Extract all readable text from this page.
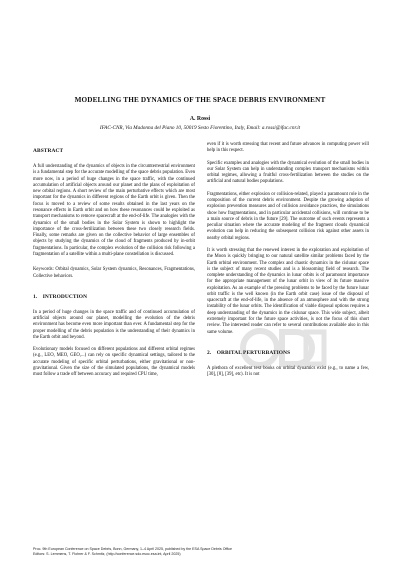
MODELLING THE DYNAMICS OF THE SPACE DEBRIS ENVIRONMENT
A. Rossi
IFAC-CNR, Via Madonna del Piano 10, 50019 Sesto Fiorentino, Italy, Email: a.rossi@ifac.cnr.it
ABSTRACT

A full understanding of the dynamics of objects in the circumterrestrial environment is a fundamental step for the accurate modelling of the space debris population. Even more now, in a period of huge changes in the space traffic, with the continued accumulation of artificial objects around our planet and the plans of exploitation of new orbital regions. A short review of the main perturbative effects which are most important for the dynamics in different regions of the Earth orbit is given. Then the focus is moved to a review of some results obtained in the last years on the resonance effects in Earth orbit and on how these resonances could be exploited as transport mechanisms to remove spacecraft at the end-of-life. The analogies with the dynamics of the small bodies in the Solar System is shown to highlight the importance of the cross-fertilization between these two closely research fields. Finally, some remarks are given on the collective behavior of large ensembles of objects by studying the dynamics of the cloud of fragments produced by in-orbit fragmentations. In particular, the complex evolution of the collision risk following a fragmentation of a satellite within a multi-plane constellation is discussed.

Keywords: Orbital dynamics, Solar System dynamics, Resonances, Fragmentations, Collective behaviors.

1. INTRODUCTION

In a period of huge changes in the space traffic and of continued accumulation of artificial objects around our planet, modelling the evolution of the debris environment has become even more important than ever. A fundamental step for the proper modelling of the debris population is the understanding of their dynamics in the Earth orbit and beyond.

Evolutionary models focused on different populations and different orbital regimes (e.g., LEO, MEO, GEO,...) can rely on specific dynamical settings, tailored to the accurate modeling of specific orbital perturbations, either gravitational or non-gravitational. Given the size of the simulated populations, the dynamical models must follow a trade off between accuracy and required CPU time,

even if it is worth stressing that recent and future advances in computing power will help in this respect.

Specific examples and analogies with the dynamical evolution of the small bodies in our Solar System can help in understanding complex transport mechanisms within orbital regimes, allowing a fruitful cross-fertilization between the studies on the artificial and natural bodies populations.

Fragmentations, either explosion or collision-related, played a paramount role in the composition of the current debris environment. Despite the growing adoption of explosion prevention measures and of collision avoidance practices, the simulations show how fragmentations, and in particular accidental collisions, will continue to be a main source of debris in the future [29]. The outcome of such events represents a peculiar situation where the accurate modeling of the fragment clouds dynamical evolution can help in reducing the subsequent collision risk against other assets in nearby orbital regions.

It is worth stressing that the renewed interest in the exploration and exploitation of the Moon is quickly bringing to our natural satellite similar problems faced by the Earth orbital environment. The complex and chaotic dynamics in the cislunar space is the subject of many recent studies and is a blossoming field of research. The complete understanding of the dynamics in lunar orbits is of paramount importance for the appropriate management of the lunar orbit in view of its future massive exploitation. As an example of the pressing problems to be faced by the future lunar orbit traffic is the well known (in the Earth orbit case) issue of the disposal of spacecraft at the end-of-life, in the absence of an atmosphere and with the strong instability of the lunar orbits. The identification of viable disposal options requires a deep understanding of the dynamics in the cislunar space. This wide subject, albeit extremely important for the future space activities, is not the focus of this short review. The interested reader can refer to several contributions available also in this same volume.

2. ORBITAL PERTURBATIONS

A plethora of excellent text books on orbital dynamics exist (e.g., to name a few, [30], [8], [39], etc). It is not

Proc. 9th European Conference on Space Debris, Bonn, Germany, 1–4 April 2025, published by the ESA Space Debris Office
Editors: S. Lemmens, T. Flohrer & F. Schmitz, (http://conference.sdo.esoc.esa.int, April 2025)
